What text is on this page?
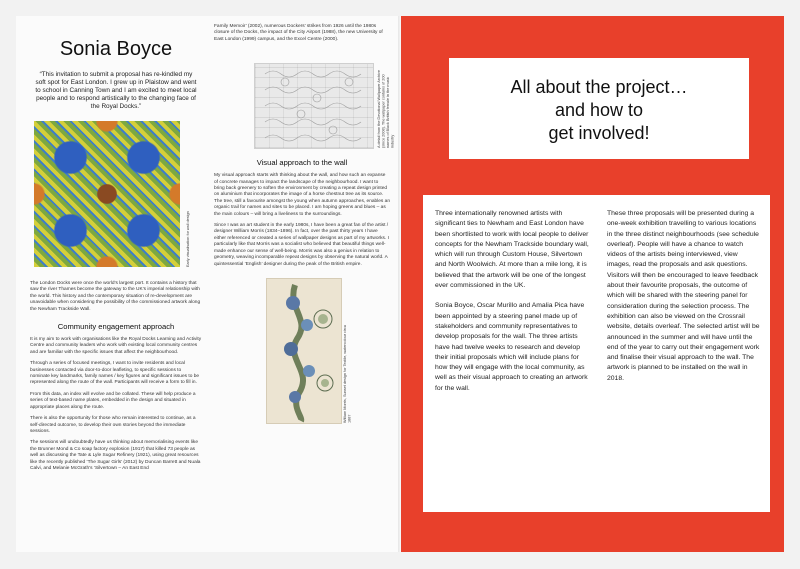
Sonia Boyce
“This invitation to submit a proposal has re-kindled my soft spot for East London. I grew up in Plaistow and went to school in Canning Town and I am excited to meet local people and to respond artistically to the changing face of the Royal Docks.”
Early visualisation for wall design
The London Docks were once the world’s largest port. It contains a history that saw the river Thames become the gateway to the UK’s imperial relationship with the world. This history and the contemporary situation of re-development are unavoidable when considering the possibility of the commissioned artwork along the Newham Trackside Wall.
Community engagement approach
It is my aim to work with organisations like the Royal Docks Learning and Activity Centre and community leaders who work with existing local community centres and are familiar with the specific issues that affect the neighbourhood.
Through a series of focused meetings, I want to invite residents and local businesses contacted via door-to-door leafleting, to specific sessions to nominate key landmarks, family names / key figures and significant issues to be represented along the route of the wall. Participants will receive a form to fill in.
From this data, an index will evolve and be collated. These will help produce a series of text-based name plates, embedded in the design and situated in appropriate places along the route.
There is also the opportunity for those who remain interested to continue, as a self-directed outcome, to develop their own stories beyond the immediate sessions.
The sessions will undoubtedly have us thinking about memorialising events like the Brunner Mond & Co soap factory explosion (1917) that killed 73 people as well as discussing the Tate & Lyle Sugar Refinery (1921), using great resources like the recently published ‘The Sugar Girls’ (2012) by Duncan Barrett and Nuala Calvi, and Melanie McGrath’s ‘Silvertown – An East End
Family Memoir’ (2002), numerous Dockers’ strikes from 1926 until the 1980s closure of the Docks, the impact of the City Airport (1988), the new University of East London (1999) campus, and the Excel Centre (2000).
A detail from the Devotional Wallpaper Archive (since 2008). The wallpaper contains of 200 names of Black British female in the music industry
Visual approach to the wall
My visual approach starts with thinking about the wall, and how such an expanse of concrete manages to impact the landscape of the neighbourhood. I want to bring back greenery to soften the environment by creating a repeat design printed on aluminium that incorporates the image of a horse chestnut tree as its source. The tree, still a favourite amongst the young when autumn approaches, enables an organic trail for names and sites to be placed. I am hoping greens and blues – as the main colours – will bring a liveliness to the surroundings.
Since I was an art student in the early 1980s, I have been a great fan of the artist / designer William Morris (1834–1896). In fact, over the past thirty years I have either referenced or created a series of wallpaper designs as part of my artworks. I particularly like that Morris was a socialist who believed that beautiful things well-made enhance our sense of well-being. Morris was also a genius in relation to geometry, weaving incomparable repeat designs by observing the natural world. A quintessential ‘English’ designer during the peak of the British empire.
William Morris, Sunset design for Textile, watercolour circa 1887
All about the project…
and how to
get involved!

Three internationally renowned artists with significant ties to Newham and East London have been shortlisted to work with local people to deliver concepts for the Newham Trackside boundary wall, which will run through Custom House, Silvertown and North Woolwich. At more than a mile long, it is believed that the artwork will be one of the longest ever commissioned in the UK.

Sonia Boyce, Oscar Murillo and Amalia Pica have been appointed by a steering panel made up of stakeholders and community representatives to develop proposals for the wall. The three artists have had twelve weeks to research and develop their initial proposals which will include plans for how they will engage with the local community, as well as their visual approach to creating an artwork for the wall.

These three proposals will be presented during a one-week exhibition travelling to various locations in the three distinct neighbourhoods (see schedule overleaf). People will have a chance to watch videos of the artists being interviewed, view images, read the proposals and ask questions. Visitors will then be encouraged to leave feedback about their favourite proposals, the outcome of which will be shared with the steering panel for consideration during the selection process. The exhibition can also be viewed on the Crossrail website, details overleaf. The selected artist will be announced in the summer and will have until the end of the year to carry out their engagement work and finalise their visual approach to the wall. The artwork is planned to be installed on the wall in 2018.
